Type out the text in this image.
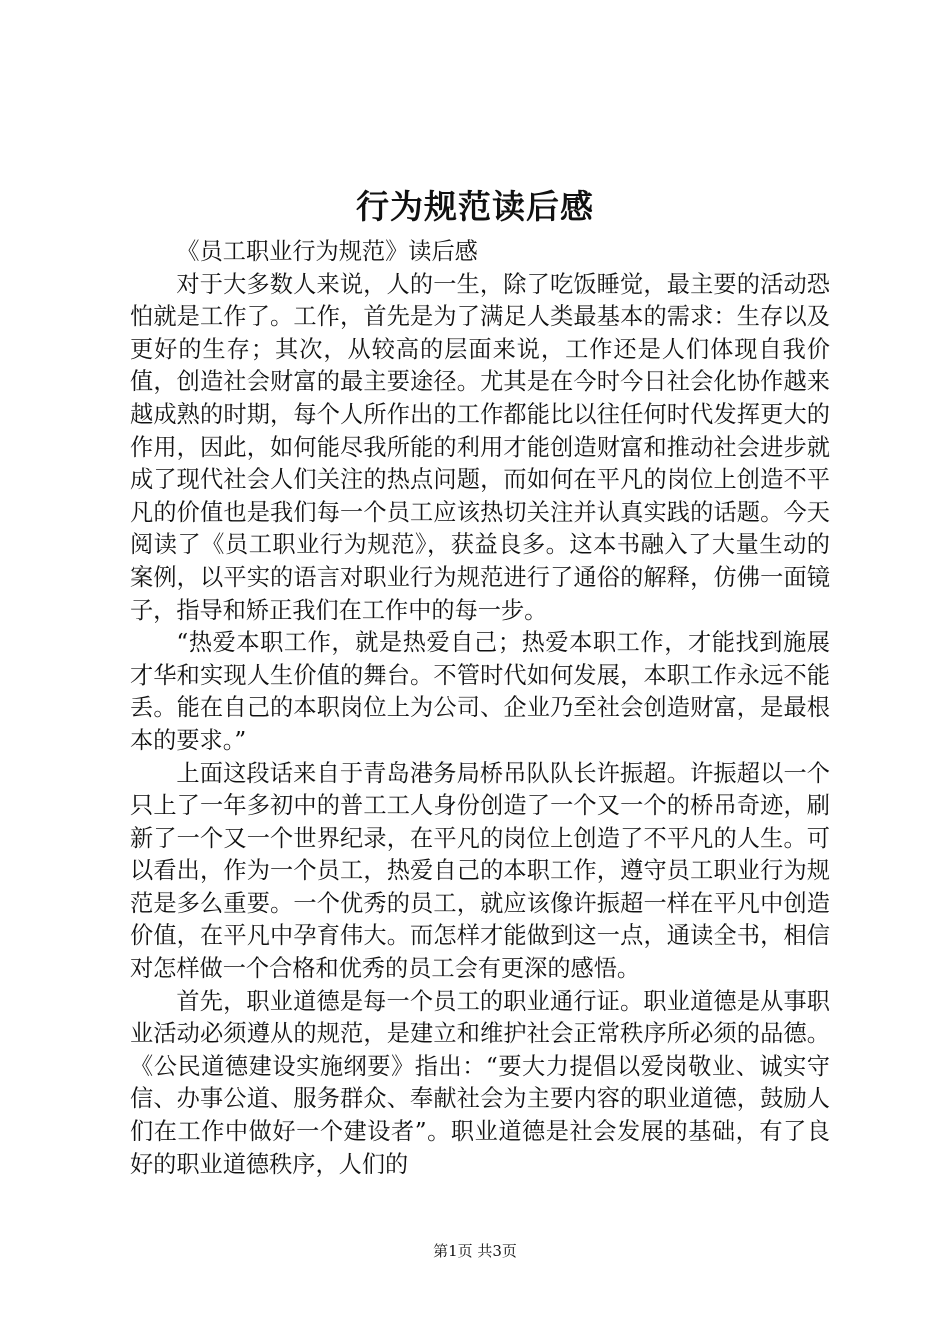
行为规范读后感

《员工职业行为规范》读后感

对于大多数人来说，人的一生，除了吃饭睡觉，最主要的活动恐怕就是工作了。工作，首先是为了满足人类最基本的需求：生存以及更好的生存；其次，从较高的层面来说，工作还是人们体现自我价值，创造社会财富的最主要途径。尤其是在今时今日社会化协作越来越成熟的时期，每个人所作出的工作都能比以往任何时代发挥更大的作用，因此，如何能尽我所能的利用才能创造财富和推动社会进步就成了现代社会人们关注的热点问题，而如何在平凡的岗位上创造不平凡的价值也是我们每一个员工应该热切关注并认真实践的话题。今天阅读了《员工职业行为规范》，获益良多。这本书融入了大量生动的案例，以平实的语言对职业行为规范进行了通俗的解释，仿佛一面镜子，指导和矫正我们在工作中的每一步。

“热爱本职工作，就是热爱自己；热爱本职工作，才能找到施展才华和实现人生价值的舞台。不管时代如何发展，本职工作永远不能丢。能在自己的本职岗位上为公司、企业乃至社会创造财富，是最根本的要求。”

上面这段话来自于青岛港务局桥吊队队长许振超。许振超以一个只上了一年多初中的普工工人身份创造了一个又一个的桥吊奇迹，刷新了一个又一个世界纪录，在平凡的岗位上创造了不平凡的人生。可以看出，作为一个员工，热爱自己的本职工作，遵守员工职业行为规范是多么重要。一个优秀的员工，就应该像许振超一样在平凡中创造价值，在平凡中孕育伟大。而怎样才能做到这一点，通读全书，相信对怎样做一个合格和优秀的员工会有更深的感悟。

首先，职业道德是每一个员工的职业通行证。职业道德是从事职业活动必须遵从的规范，是建立和维护社会正常秩序所必须的品德。《公民道德建设实施纲要》指出：“要大力提倡以爱岗敬业、诚实守信、办事公道、服务群众、奉献社会为主要内容的职业道德，鼓励人们在工作中做好一个建设者”。职业道德是社会发展的基础，有了良好的职业道德秩序，人们的

第1页 共3页
